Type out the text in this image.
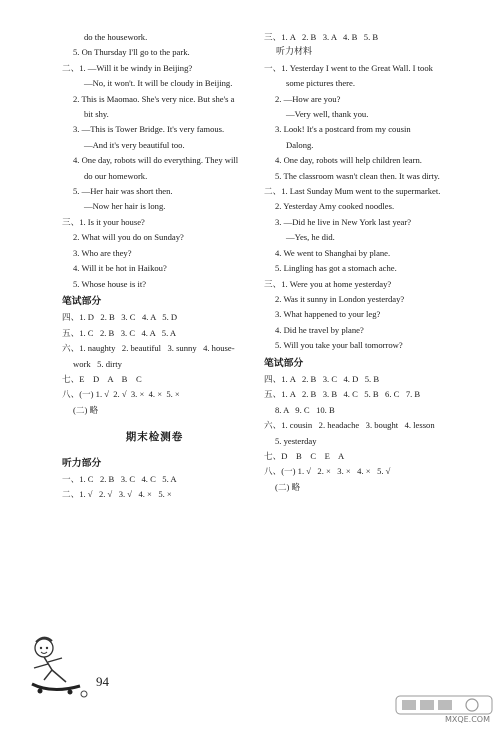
do the housework.
5. On Thursday I'll go to the park.
二、1. —Will it be windy in Beijing?
—No, it won't. It will be cloudy in Beijing.
2. This is Maomao. She's very nice. But she's a
bit shy.
3. —This is Tower Bridge. It's very famous.
—And it's very beautiful too.
4. One day, robots will do everything. They will
do our homework.
5. —Her hair was short then.
—Now her hair is long.
三、1. Is it your house?
2. What will you do on Sunday?
3. Who are they?
4. Will it be hot in Haikou?
5. Whose house is it?
笔试部分
四、1. D   2. B   3. C   4. A   5. D
五、1. C   2. B   3. C   4. A   5. A
六、1. naughty   2. beautiful   3. sunny   4. house-
work   5. dirty
七、E    D    A    B    C
八、(一) 1. √  2. √  3. ×  4. ×  5. ×
(二) 略
期末检测卷
听力部分
一、1. C   2. B   3. C   4. C   5. A
二、1. √   2. √   3. √   4. ×   5. ×
三、1. A   2. B   3. A   4. B   5. B
听力材料
一、1. Yesterday I went to the Great Wall. I took
some pictures there.
2. —How are you?
—Very well, thank you.
3. Look! It's a postcard from my cousin
Dalong.
4. One day, robots will help children learn.
5. The classroom wasn't clean then. It was dirty.
二、1. Last Sunday Mum went to the supermarket.
2. Yesterday Amy cooked noodles.
3. —Did he live in New York last year?
—Yes, he did.
4. We went to Shanghai by plane.
5. Lingling has got a stomach ache.
三、1. Were you at home yesterday?
2. Was it sunny in London yesterday?
3. What happened to your leg?
4. Did he travel by plane?
5. Will you take your ball tomorrow?
笔试部分
四、1. A   2. B   3. C   4. D   5. B
五、1. A   2. B   3. B   4. C   5. B   6. C   7. B
8. A   9. C   10. B
六、1. cousin   2. headache   3. bought   4. lesson
5. yesterday
七、D    B    C    E    A
八、(一) 1. √   2. ×   3. ×   4. ×   5. √
(二) 略
94
MXQE.COM
